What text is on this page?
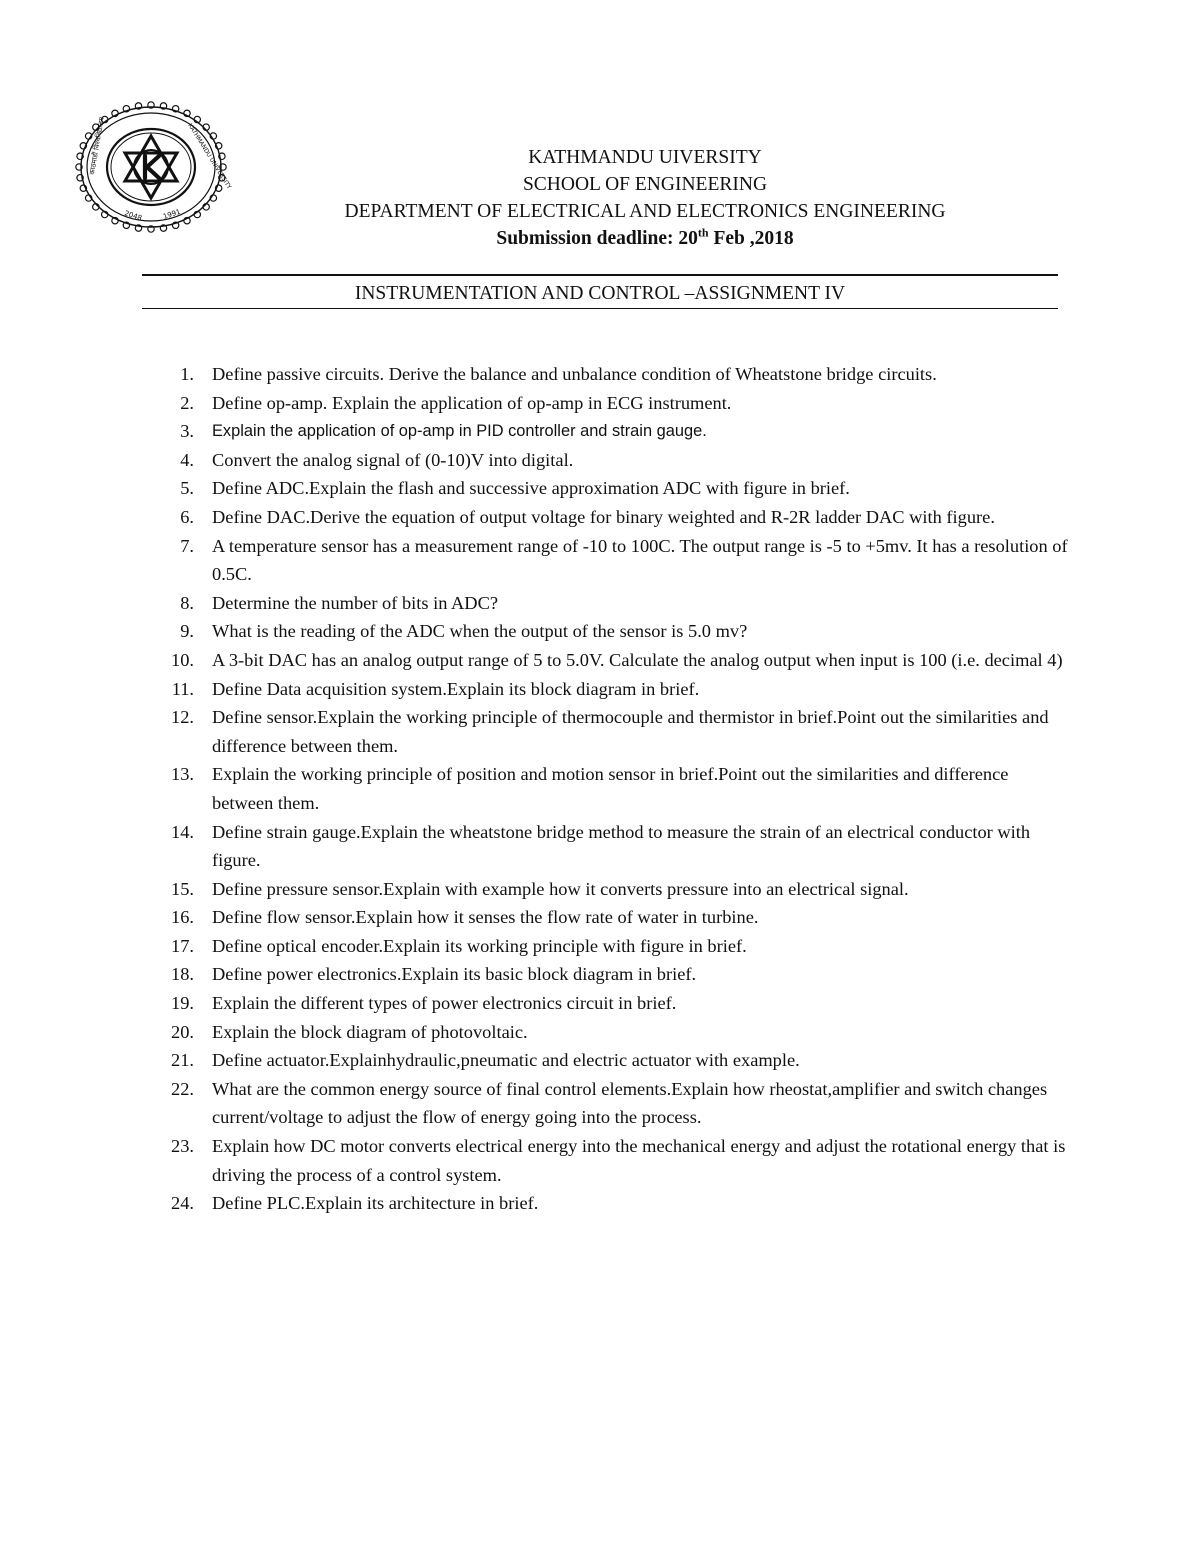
काठमाडौं विश्वविद्यालय	KATHMANDU UNIVERSITY
2048	1991
KATHMANDU UIVERSITY
SCHOOL OF ENGINEERING
DEPARTMENT OF ELECTRICAL AND ELECTRONICS ENGINEERING
Submission deadline: 20th Feb ,2018
INSTRUMENTATION AND CONTROL –ASSIGNMENT IV
1. Define passive circuits. Derive the balance and unbalance condition of Wheatstone bridge circuits.
2. Define op-amp. Explain the application of op-amp in ECG instrument.
3. Explain the application of op-amp in PID controller and strain gauge.
4. Convert the analog signal of (0-10)V into digital.
5. Define ADC.Explain the flash and successive approximation ADC with figure in brief.
6. Define DAC.Derive the equation of output voltage for binary weighted and R-2R ladder DAC with figure.
7. A temperature sensor has a measurement range of -10 to 100C. The output range is -5 to +5mv. It has a resolution of 0.5C.
8. Determine the number of bits in ADC?
9. What is the reading of the ADC when the output of the sensor is 5.0 mv?
10. A 3-bit DAC has an analog output range of 5 to 5.0V. Calculate the analog output when input is 100 (i.e. decimal 4)
11. Define Data acquisition system.Explain its block diagram in brief.
12. Define sensor.Explain the working principle of thermocouple and thermistor in brief.Point out the similarities and difference between them.
13. Explain the working principle of position and motion sensor in brief.Point out the similarities and difference between them.
14. Define strain gauge.Explain the wheatstone bridge method to measure the strain of an electrical conductor with figure.
15. Define pressure sensor.Explain with example how it converts pressure into an electrical signal.
16. Define flow sensor.Explain how it senses the flow rate of water in turbine.
17. Define optical encoder.Explain its working principle with figure in brief.
18. Define power electronics.Explain its basic block diagram in brief.
19. Explain the different types of power electronics circuit in brief.
20. Explain the block diagram of photovoltaic.
21. Define actuator.Explainhydraulic,pneumatic and electric actuator with example.
22. What are the common energy source of final control elements.Explain how rheostat,amplifier and switch changes current/voltage to adjust the flow of energy going into the process.
23. Explain how DC motor converts electrical energy into the mechanical energy and adjust the rotational energy that is driving the process of a control system.
24. Define PLC.Explain its architecture in brief.
